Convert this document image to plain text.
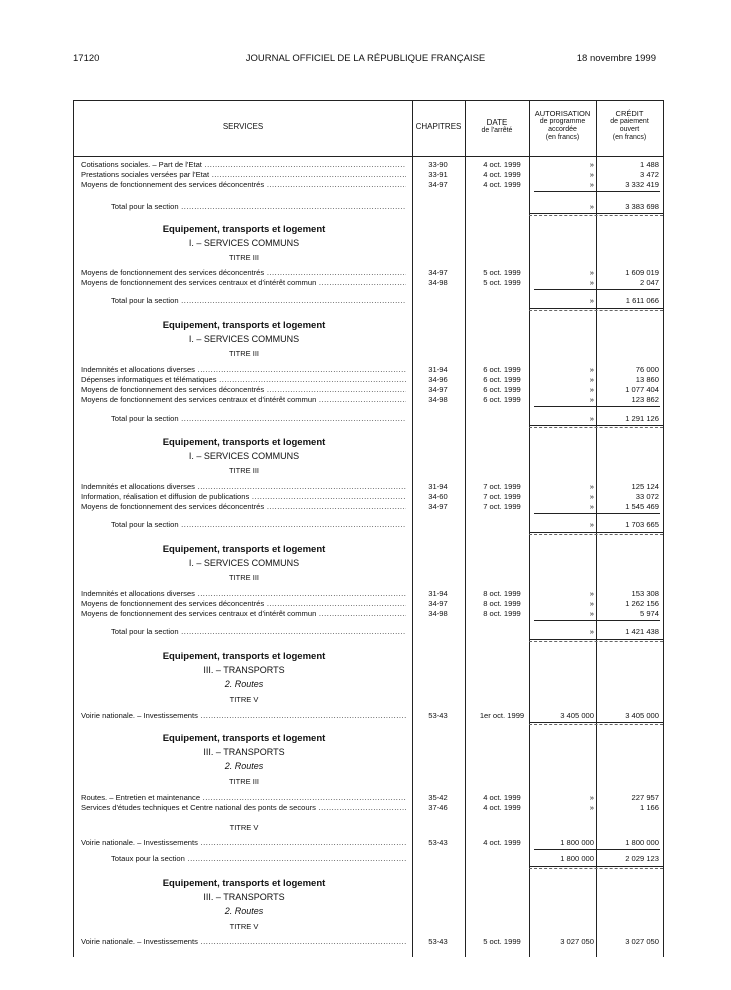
17120	JOURNAL OFFICIEL DE LA RÉPUBLIQUE FRANÇAISE	18 novembre 1999
SERVICES	CHAPITRES	DATE
de l'arrêté
AUTORISATION
de programme
accordée
(en francs)
CRÉDIT
de paiement
ouvert
(en francs)
Cotisations sociales. – Part de l'Etat .....	33-90	4 oct. 1999	»	1 488
Prestations sociales versées par l'Etat .....	33-91	4 oct. 1999	»	3 472
Moyens de fonctionnement des services déconcentrés .....	34-97	4 oct. 1999	»	3 332 419
Total pour la section .....	»	3 383 698
Equipement, transports et logement
I. – SERVICES COMMUNS
TITRE III
Moyens de fonctionnement des services déconcentrés .....	34-97	5 oct. 1999	»	1 609 019
Moyens de fonctionnement des services centraux et d'intérêt commun .....	34-98	5 oct. 1999	»	2 047
Total pour la section .....	»	1 611 066
Equipement, transports et logement
I. – SERVICES COMMUNS
TITRE III
Indemnités et allocations diverses .....	31-94	6 oct. 1999	»	76 000
Dépenses informatiques et télématiques .....	34-96	6 oct. 1999	»	13 860
Moyens de fonctionnement des services déconcentrés .....	34-97	6 oct. 1999	»	1 077 404
Moyens de fonctionnement des services centraux et d'intérêt commun .....	34-98	6 oct. 1999	»	123 862
Total pour la section .....	»	1 291 126
Equipement, transports et logement
I. – SERVICES COMMUNS
TITRE III
Indemnités et allocations diverses .....	31-94	7 oct. 1999	»	125 124
Information, réalisation et diffusion de publications .....	34-60	7 oct. 1999	»	33 072
Moyens de fonctionnement des services déconcentrés .....	34-97	7 oct. 1999	»	1 545 469
Total pour la section .....	»	1 703 665
Equipement, transports et logement
I. – SERVICES COMMUNS
TITRE III
Indemnités et allocations diverses .....	31-94	8 oct. 1999	»	153 308
Moyens de fonctionnement des services déconcentrés .....	34-97	8 oct. 1999	»	1 262 156
Moyens de fonctionnement des services centraux et d'intérêt commun .....	34-98	8 oct. 1999	»	5 974
Total pour la section .....	»	1 421 438
Equipement, transports et logement
III. – TRANSPORTS
2. Routes
TITRE V
Voirie nationale. – Investissements .....	53-43	1er oct. 1999	3 405 000	3 405 000
Equipement, transports et logement
III. – TRANSPORTS
2. Routes
TITRE III
Routes. – Entretien et maintenance .....	35-42	4 oct. 1999	»	227 957
Services d'études techniques et Centre national des ponts de secours .....	37-46	4 oct. 1999	»	1 166
TITRE V
Voirie nationale. – Investissements .....	53-43	4 oct. 1999	1 800 000	1 800 000
Totaux pour la section .....	1 800 000	2 029 123
Equipement, transports et logement
III. – TRANSPORTS
2. Routes
TITRE V
Voirie nationale. – Investissements .....	53-43	5 oct. 1999	3 027 050	3 027 050
